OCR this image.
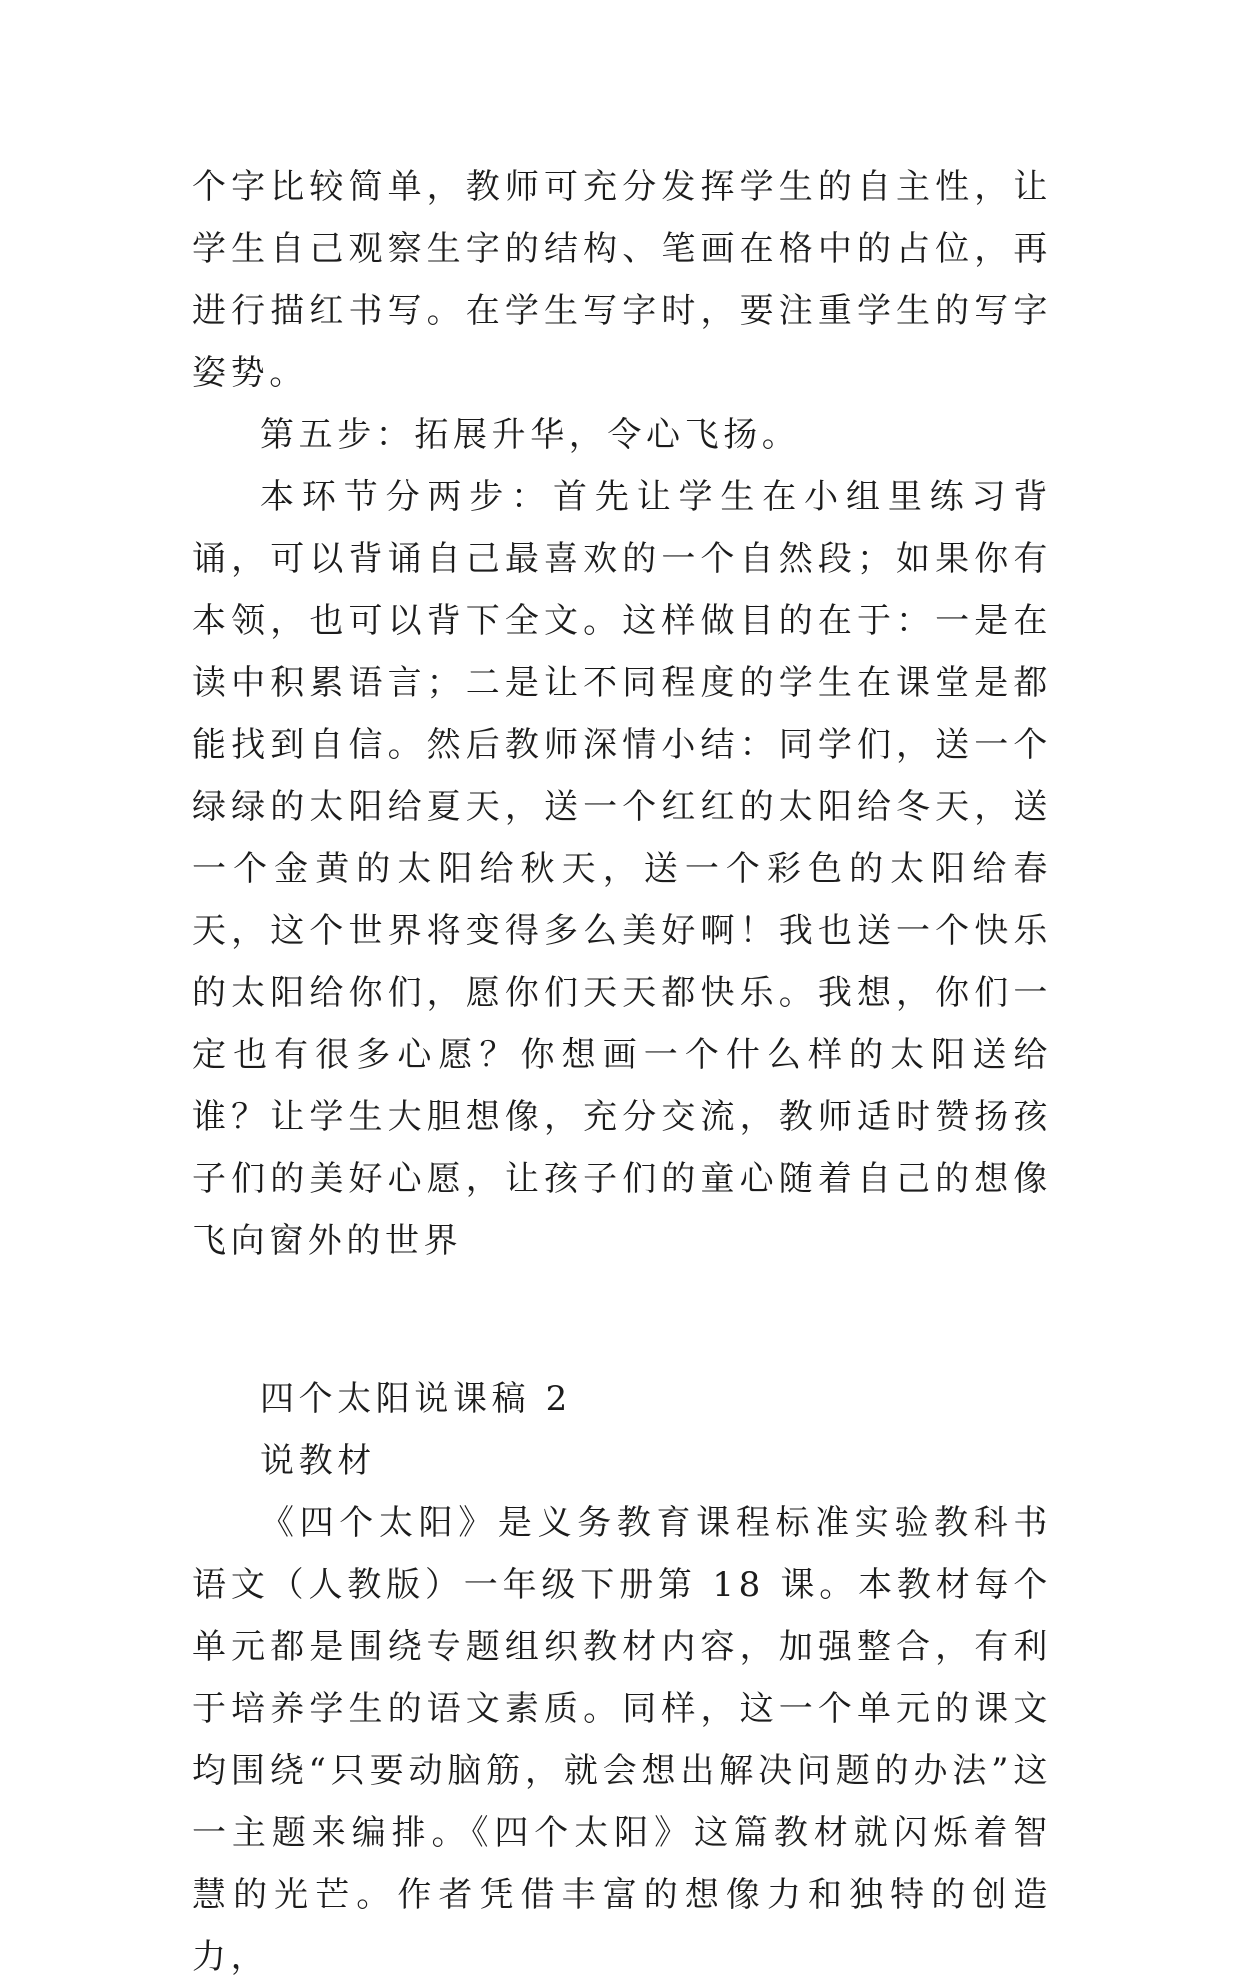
个字比较简单，教师可充分发挥学生的自主性，让学生自己观察生字的结构、笔画在格中的占位，再进行描红书写。在学生写字时，要注重学生的写字姿势。

第五步：拓展升华，令心飞扬。

本环节分两步：首先让学生在小组里练习背诵，可以背诵自己最喜欢的一个自然段；如果你有本领，也可以背下全文。这样做目的在于：一是在读中积累语言；二是让不同程度的学生在课堂是都能找到自信。然后教师深情小结：同学们，送一个绿绿的太阳给夏天，送一个红红的太阳给冬天，送一个金黄的太阳给秋天，送一个彩色的太阳给春天，这个世界将变得多么美好啊！我也送一个快乐的太阳给你们，愿你们天天都快乐。我想，你们一定也有很多心愿？你想画一个什么样的太阳送给谁？让学生大胆想像，充分交流，教师适时赞扬孩子们的美好心愿，让孩子们的童心随着自己的想像飞向窗外的世界

四个太阳说课稿 2

说教材

《四个太阳》是义务教育课程标准实验教科书语文（人教版）一年级下册第 18 课。本教材每个单元都是围绕专题组织教材内容，加强整合，有利于培养学生的语文素质。同样，这一个单元的课文均围绕“只要动脑筋，就会想出解决问题的办法”这一主题来编排。《四个太阳》这篇教材就闪烁着智慧的光芒。作者凭借丰富的想像力和独特的创造力，
